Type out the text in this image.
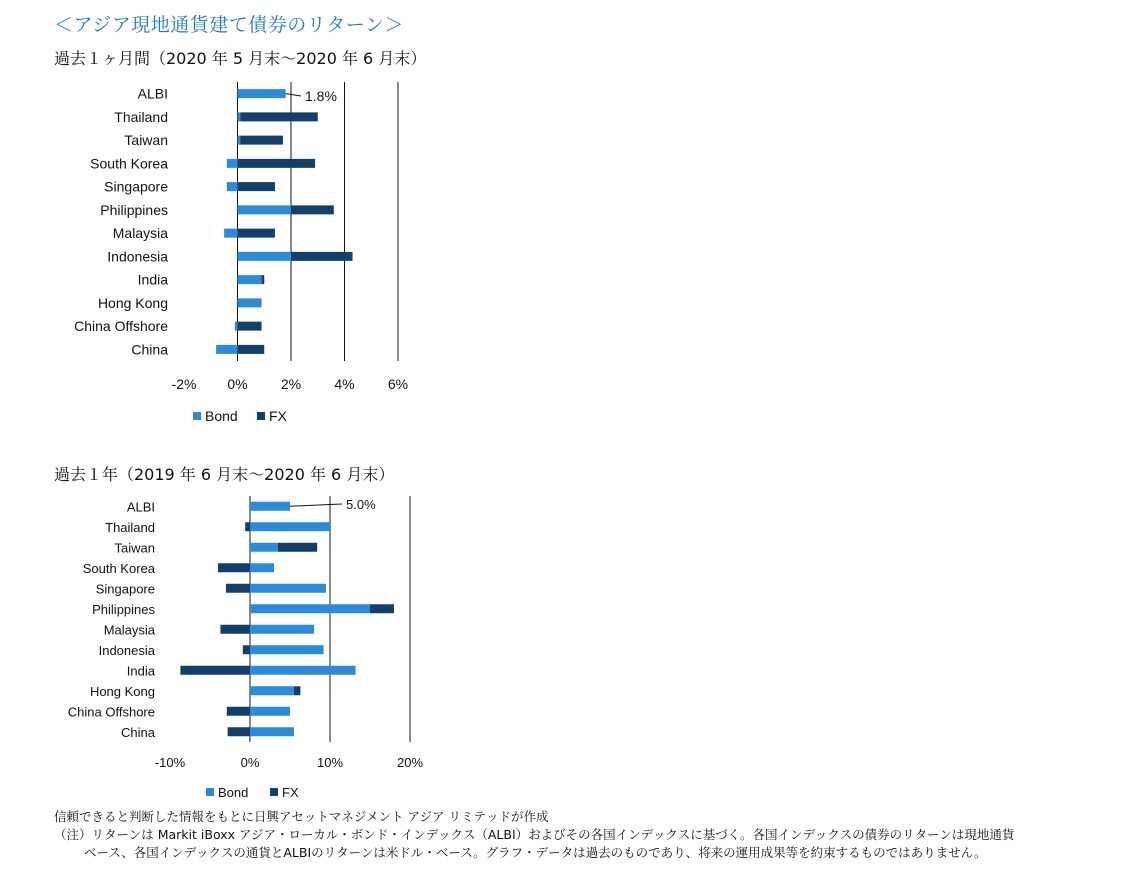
＜アジア現地通貨建て債券のリターン＞
過去１ヶ月間（2020 年 5 月末～2020 年 6 月末）
過去１年（2019 年 6 月末～2020 年 6 月末）
-2% 0% 2% 4% 6%
ALBI
Thailand
Taiwan
South Korea
Singapore
Philippines
Malaysia
Indonesia
India
Hong Kong
China Offshore
China
1.8%
Bond FX
-10%	0%	10%	20%
ALBI
Thailand
Taiwan
South Korea
Singapore
Philippines
Malaysia
Indonesia
India
Hong Kong
China Offshore
China
5.0%
Bond	FX
信頼できると判断した情報をもとに日興アセットマネジメント アジア リミテッドが作成
（注）リターンは Markit iBoxx アジア・ローカル・ボンド・インデックス（ALBI）およびその各国インデックスに基づく。各国インデックスの債券のリターンは現地通貨
ベース、各国インデックスの通貨とALBIのリターンは米ドル・ベース。グラフ・データは過去のものであり、将来の運用成果等を約束するものではありません。
